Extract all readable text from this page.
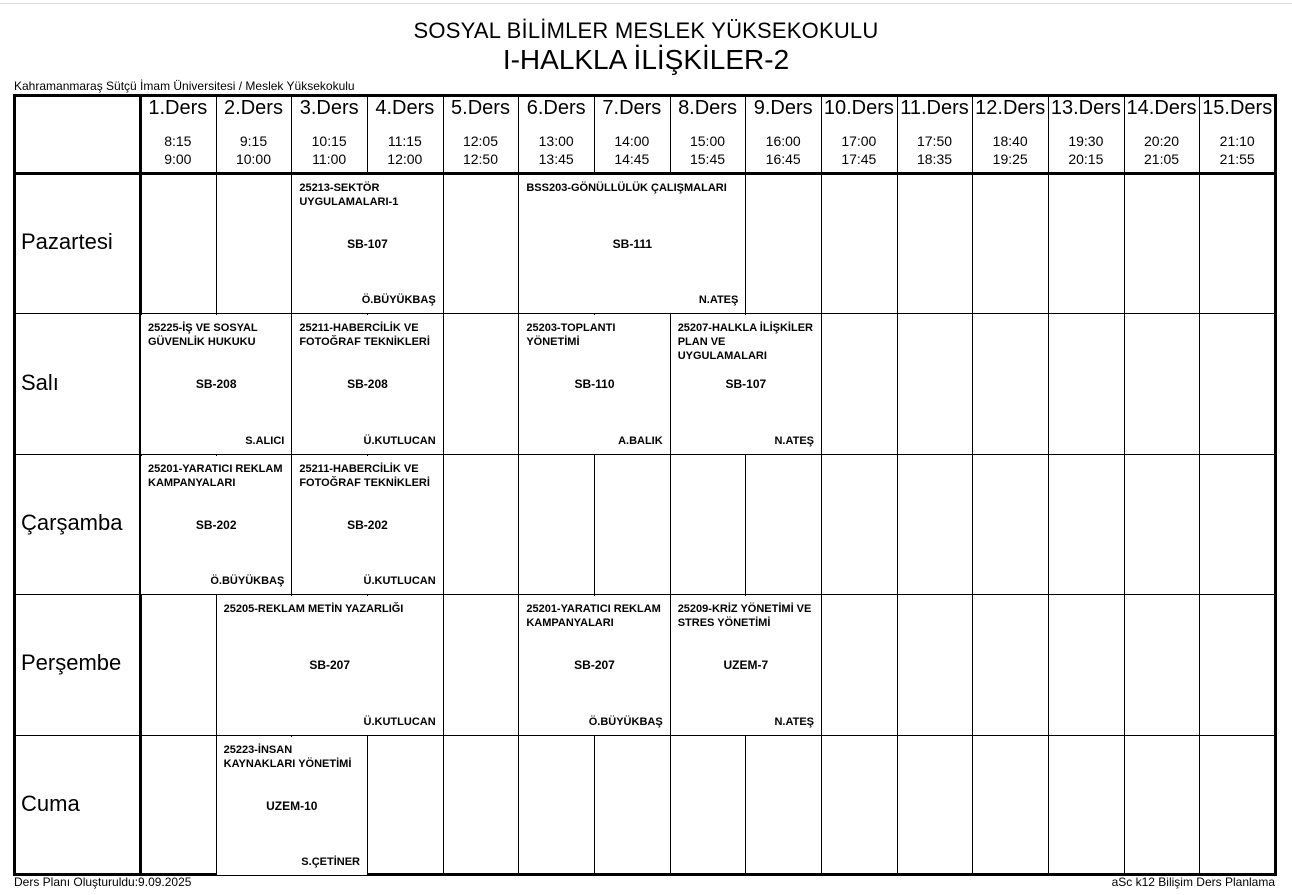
SOSYAL BİLİMLER MESLEK YÜKSEKOKULU
I-HALKLA İLİŞKİLER-2
Kahramanmaraş Sütçü İmam Üniversitesi / Meslek Yüksekokulu
1.Ders
8:15
9:00
2.Ders
9:15
10:00
3.Ders
10:15
11:00
4.Ders
11:15
12:00
5.Ders
12:05
12:50
6.Ders
13:00
13:45
7.Ders
14:00
14:45
8.Ders
15:00
15:45
9.Ders
16:00
16:45
10.Ders
17:00
17:45
11.Ders
17:50
18:35
12.Ders
18:40
19:25
13.Ders
19:30
20:15
14.Ders
20:20
21:05
15.Ders
21:10
21:55
Pazartesi
Salı
Çarşamba
Perşembe
Cuma
25213-SEKTÖR UYGULAMALARI-1
SB-107
Ö.BÜYÜKBAŞ
BSS203-GÖNÜLLÜLÜK ÇALIŞMALARI
SB-111
N.ATEŞ
25225-İŞ VE SOSYAL GÜVENLİK HUKUKU
SB-208
S.ALICI
25211-HABERCİLİK VE FOTOĞRAF TEKNİKLERİ
SB-208
Ü.KUTLUCAN
25203-TOPLANTI YÖNETİMİ
SB-110
A.BALIK
25207-HALKLA İLİŞKİLER PLAN VE UYGULAMALARI
SB-107
N.ATEŞ
25201-YARATICI REKLAM KAMPANYALARI
SB-202
Ö.BÜYÜKBAŞ
25211-HABERCİLİK VE FOTOĞRAF TEKNİKLERİ
SB-202
Ü.KUTLUCAN
25205-REKLAM METİN YAZARLIĞI
SB-207
Ü.KUTLUCAN
25201-YARATICI REKLAM KAMPANYALARI
SB-207
Ö.BÜYÜKBAŞ
25209-KRİZ YÖNETİMİ VE STRES YÖNETİMİ
UZEM-7
N.ATEŞ
25223-İNSAN KAYNAKLARI YÖNETİMİ
UZEM-10
S.ÇETİNER
Ders Planı Oluşturuldu:9.09.2025	aSc k12 Bilişim Ders Planlama
